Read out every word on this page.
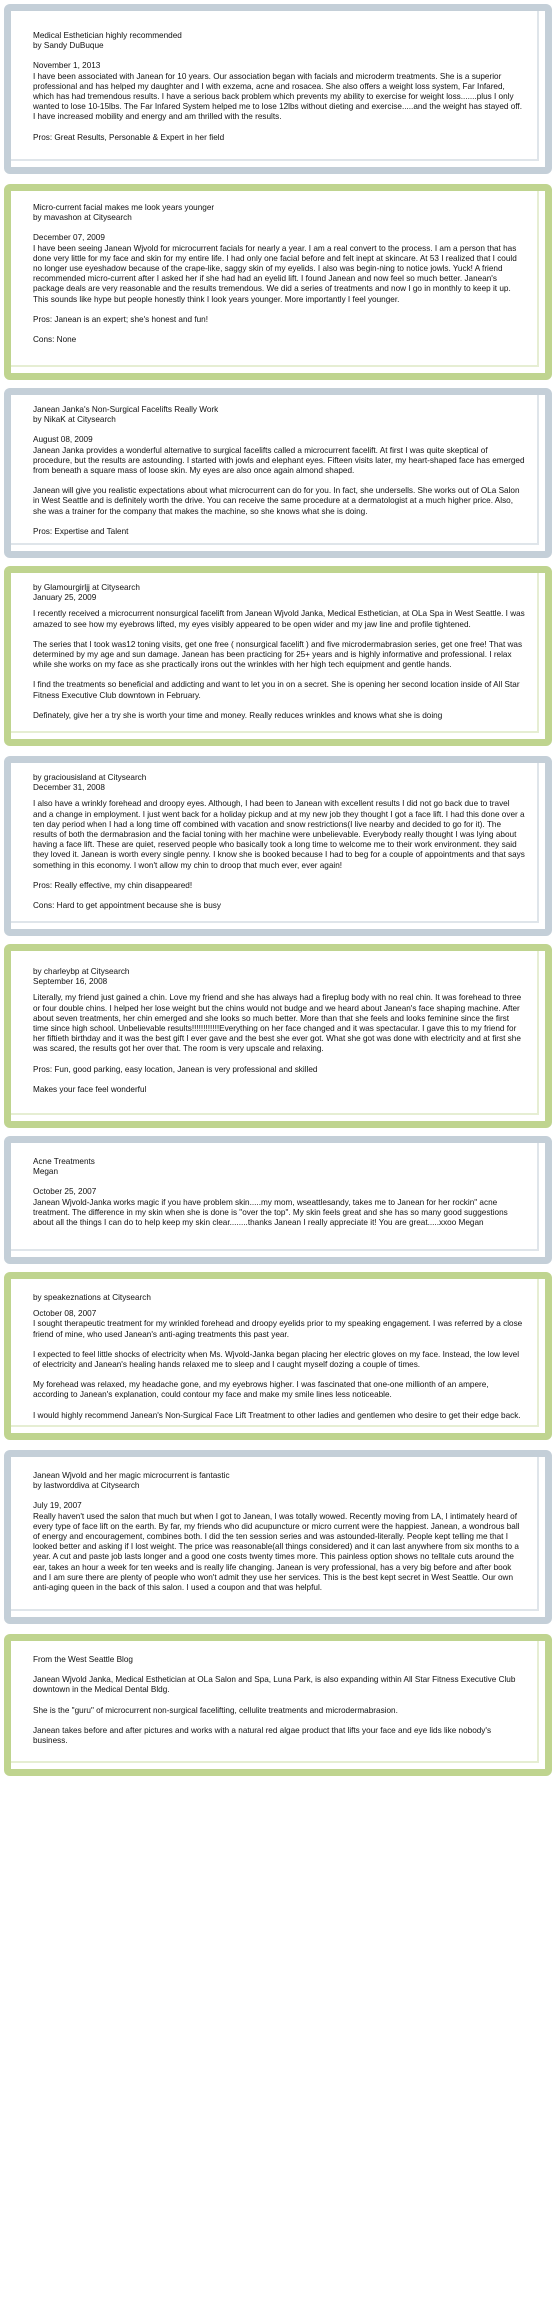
Medical Esthetician highly recommended
by Sandy DuBuque
November 1, 2013

I have been associated with Janean for 10 years. Our association began with facials and microderm treatments. She is a superior professional and has helped my daughter and I with exzema, acne and rosacea. She also offers a weight loss system, Far Infared, which has had tremendous results. I have a serious back problem which prevents my ability to exercise for weight loss.......plus I only wanted to lose 10-15lbs. The Far Infared System helped me to lose 12lbs without dieting and exercise.....and the weight has stayed off. I have increased mobility and energy and am thrilled with the results.

Pros: Great Results, Personable & Expert in her field

Micro-current facial makes me look years younger
by mavashon at Citysearch
December 07, 2009

I have been seeing Janean Wjvold for microcurrent facials for nearly a year. I am a real convert to the process. I am a person that has done very little for my face and skin for my entire life. I had only one facial before and felt inept at skincare. At 53 I realized that I could no longer use eyeshadow because of the crape-like, saggy skin of my eyelids. I also was begin-ning to notice jowls. Yuck! A friend recommended micro-current after I asked her if she had had an eyelid lift. I found Janean and now feel so much better. Janean's package deals are very reasonable and the results tremendous. We did a series of treatments and now I go in monthly to keep it up. This sounds like hype but people honestly think I look years younger. More importantly I feel younger.

Pros: Janean is an expert; she's honest and fun!

Cons: None

Janean Janka's Non-Surgical Facelifts Really Work
by NikaK at Citysearch
August 08, 2009

Janean Janka provides a wonderful alternative to surgical facelifts called a microcurrent facelift. At first I was quite skeptical of procedure, but the results are astounding. I started with jowls and elephant eyes. Fifteen visits later, my heart-shaped face has emerged from beneath a square mass of loose skin. My eyes are also once again almond shaped.

Janean will give you realistic expectations about what microcurrent can do for you. In fact, she undersells. She works out of OLa Salon in West Seattle and is definitely worth the drive. You can receive the same procedure at a dermatologist at a much higher price. Also, she was a trainer for the company that makes the machine, so she knows what she is doing.

Pros: Expertise and Talent

by Glamourgirljj at Citysearch
January 25, 2009

I recently received a microcurrent nonsurgical facelift from Janean Wjvold Janka, Medical Esthetician, at OLa Spa in West Seattle. I was amazed to see how my eyebrows lifted, my eyes visibly appeared to be open wider and my jaw line and profile tightened.

The series that I took was12 toning visits, get one free ( nonsurgical facelift ) and five microdermabrasion series, get one free! That was determined by my age and sun damage. Janean has been practicing for 25+ years and is highly informative and professional. I relax while she works on my face as she practically irons out the wrinkles with her high tech equipment and gentle hands.

I find the treatments so beneficial and addicting and want to let you in on a secret. She is opening her second location inside of All Star Fitness Executive Club downtown in February.

Definately, give her a try she is worth your time and money. Really reduces wrinkles and knows what she is doing

by graciousisland at Citysearch
December 31, 2008

I also have a wrinkly forehead and droopy eyes. Although, I had been to Janean with excellent results I did not go back due to travel and a change in employment. I just went back for a holiday pickup and at my new job they thought I got a face lift. I had this done over a ten day period when I had a long time off combined with vacation and snow restrictions(I live nearby and decided to go for it). The results of both the dermabrasion and the facial toning with her machine were unbelievable. Everybody really thought I was lying about having a face lift. These are quiet, reserved people who basically took a long time to welcome me to their work environment. they said they loved it. Janean is worth every single penny. I know she is booked because I had to beg for a couple of appointments and that says something in this economy. I won't allow my chin to droop that much ever, ever again!

Pros: Really effective, my chin disappeared!

Cons: Hard to get appointment because she is busy

by charleybp at Citysearch
September 16, 2008

Literally, my friend just gained a chin. Love my friend and she has always had a fireplug body with no real chin. It was forehead to three or four double chins. I helped her lose weight but the chins would not budge and we heard about Janean's face shaping machine. After about seven treatments, her chin emerged and she looks so much better. More than that she feels and looks feminine since the first time since high school. Unbelievable results!!!!!!!!!!!!Everything on her face changed and it was spectacular. I gave this to my friend for her fiftieth birthday and it was the best gift I ever gave and the best she ever got. What she got was done with electricity and at first she was scared, the results got her over that. The room is very upscale and relaxing.

Pros: Fun, good parking, easy location, Janean is very professional and skilled

Makes your face feel wonderful

Acne Treatments
Megan
October 25, 2007

Janean Wjvold-Janka works magic if you have problem skin.....my mom, wseattlesandy, takes me to Janean for her rockin" acne treatment. The difference in my skin when she is done is "over the top". My skin feels great and she has so many good suggestions about all the things I can do to help keep my skin clear........thanks Janean I really appreciate it! You are great.....xxoo Megan

by speakeznations at Citysearch
October 08, 2007

I sought therapeutic treatment for my wrinkled forehead and droopy eyelids prior to my speaking engagement. I was referred by a close friend of mine, who used Janean's anti-aging treatments this past year.

I expected to feel little shocks of electricity when Ms. Wjvold-Janka began placing her electric gloves on my face. Instead, the low level of electricity and Janean's healing hands relaxed me to sleep and I caught myself dozing a couple of times.

My forehead was relaxed, my headache gone, and my eyebrows higher. I was fascinated that one-one millionth of an ampere, according to Janean's explanation, could contour my face and make my smile lines less noticeable.

I would highly recommend Janean's Non-Surgical Face Lift Treatment to other ladies and gentlemen who desire to get their edge back.

Janean Wjvold and her magic microcurrent is fantastic
by lastworddiva at Citysearch
July 19, 2007

Really haven't used the salon that much but when I got to Janean, I was totally wowed. Recently moving from LA, I intimately heard of every type of face lift on the earth. By far, my friends who did acupuncture or micro current were the happiest. Janean, a wondrous ball of energy and encouragement, combines both. I did the ten session series and was astounded-literally. People kept telling me that I looked better and asking if I lost weight. The price was reasonable(all things considered) and it can last anywhere from six months to a year. A cut and paste job lasts longer and a good one costs twenty times more. This painless option shows no telltale cuts around the ear, takes an hour a week for ten weeks and is really life changing. Janean is very professional, has a very big before and after book and I am sure there are plenty of people who won't admit they use her services. This is the best kept secret in West Seattle. Our own anti-aging queen in the back of this salon. I used a coupon and that was helpful.

From the West Seattle Blog

Janean Wjvold Janka, Medical Esthetician at OLa Salon and Spa, Luna Park, is also expanding within All Star Fitness Executive Club downtown in the Medical Dental Bldg.

She is the "guru" of microcurrent non-surgical facelifting, cellulite treatments and microdermabrasion.

Janean takes before and after pictures and works with a natural red algae product that lifts your face and eye lids like nobody's business.
